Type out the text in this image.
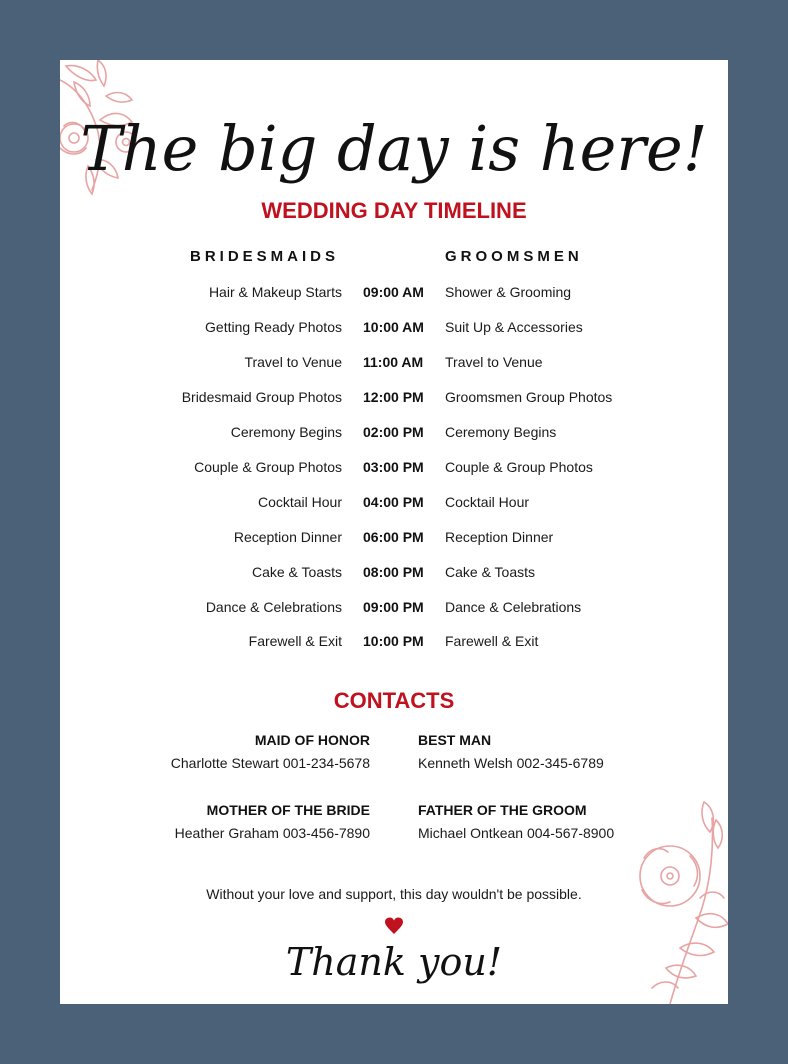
The big day is here!
WEDDING DAY TIMELINE
BRIDESMAIDS	GROOMSMEN
Hair & Makeup Starts 09:00 AM	Shower & Grooming
Getting Ready Photos 10:00 AM	Suit Up & Accessories
Travel to Venue 11:00 AM	Travel to Venue
Bridesmaid Group Photos 12:00 PM	Groomsmen Group Photos
Ceremony Begins 02:00 PM	Ceremony Begins
Couple & Group Photos 03:00 PM	Couple & Group Photos
Cocktail Hour 04:00 PM	Cocktail Hour
Reception Dinner 06:00 PM	Reception Dinner
Cake & Toasts 08:00 PM	Cake & Toasts
Dance & Celebrations 09:00 PM	Dance & Celebrations
Farewell & Exit 10:00 PM	Farewell & Exit
CONTACTS
MAID OF HONOR
Charlotte Stewart 001-234-5678
BEST MAN
Kenneth Welsh 002-345-6789
MOTHER OF THE BRIDE
Heather Graham 003-456-7890
FATHER OF THE GROOM
Michael Ontkean 004-567-8900
Without your love and support, this day wouldn't be possible.
Thank you!
